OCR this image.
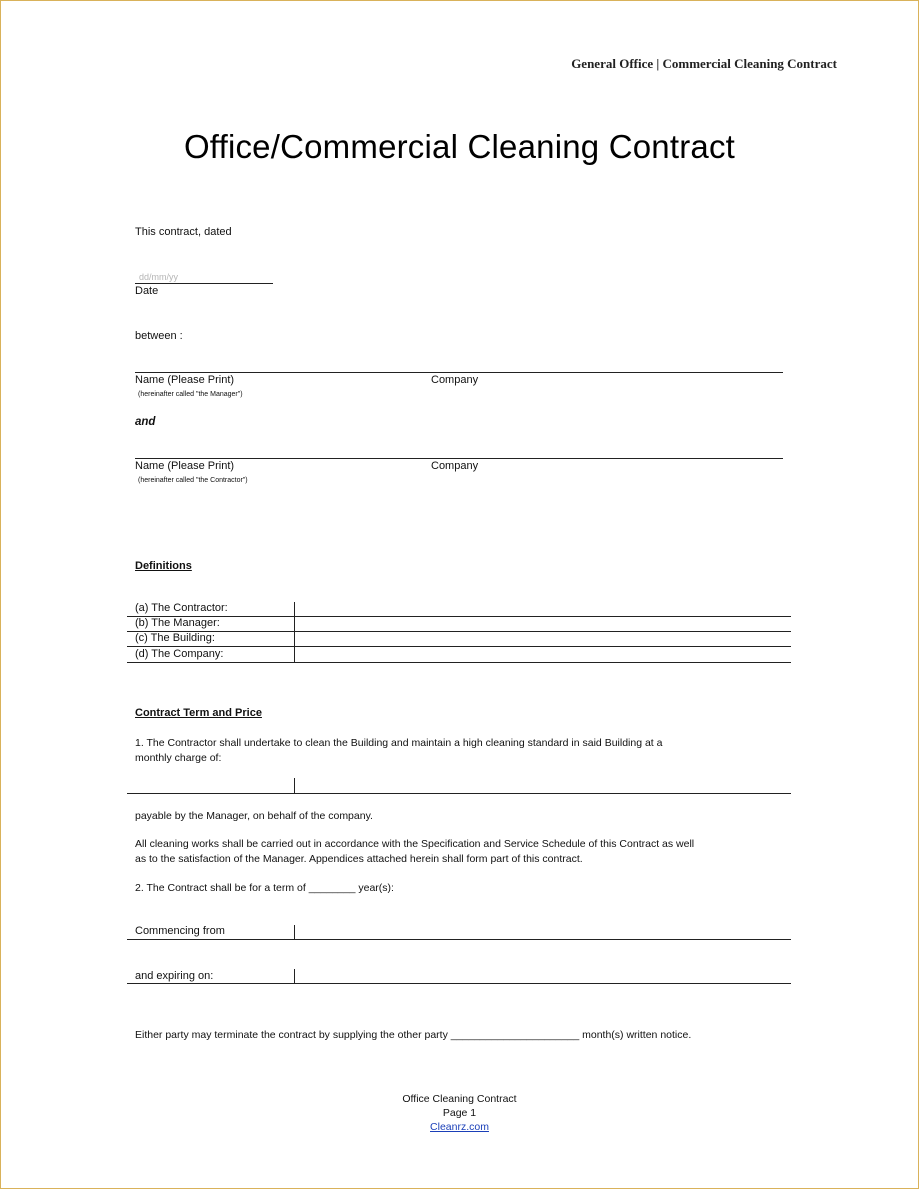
General Office | Commercial Cleaning Contract
Office/Commercial Cleaning Contract
This contract, dated
dd/mm/yy
Date
between :
Name (Please Print)
(hereinafter called "the Manager")
Company
and
Name (Please Print)
(hereinafter called "the Contractor")
Company
Definitions
(a) The Contractor:
(b) The Manager:
(c) The Building:
(d) The Company:
Contract Term and Price
1. The Contractor shall undertake to clean the Building and maintain a high cleaning standard in said Building at a
monthly charge of:
payable by the Manager, on behalf of the company.
All cleaning works shall be carried out in accordance with the Specification and Service Schedule of this Contract as well
as to the satisfaction of the Manager. Appendices attached herein shall form part of this contract.
2. The Contract shall be for a term of ________ year(s):
Commencing from
and expiring on:
Either party may terminate the contract by supplying the other party ______________________ month(s) written notice.
Office Cleaning Contract
Page 1
Cleanrz.com
